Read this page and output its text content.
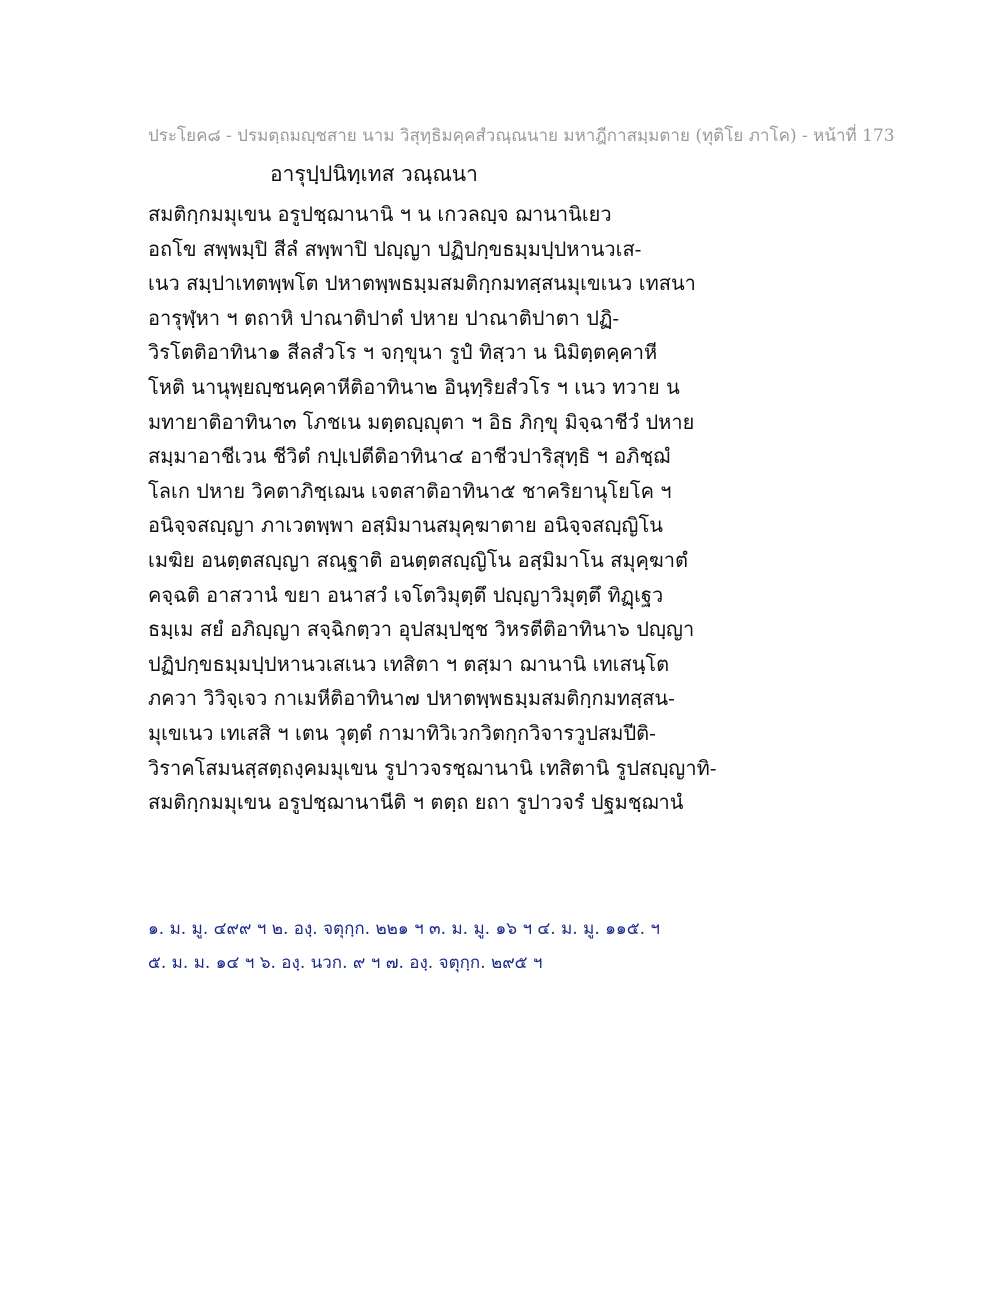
ประโยค๘ - ปรมตฺถมญฺชสาย นาม วิสุทฺธิมคฺคสํวณฺณนาย มหาฎีกาสมฺมตาย (ทุติโย ภาโค) - หน้าที่ 173
อารุปฺปนิทฺเทส วณฺณนา
สมติกฺกมมุเขน อรูปชฺฌานานิ ฯ น เกวลญฺจ ฌานานิเยว
อถโข สพฺพมฺปิ สีลํ สพฺพาปิ ปญฺญา ปฏิปกฺขธมฺมปฺปหานวเส-
เนว สมฺปาเทตพฺพโต ปหาตพฺพธมฺมสมติกฺกมทสฺสนมุเขเนว เทสนา
อารุฬฺหา ฯ ตถาหิ ปาณาติปาตํ ปหาย ปาณาติปาตา ปฏิ-
วิรโตติอาทินา๑ สีลสํวโร ฯ จกฺขุนา รูปํ ทิสฺวา น นิมิตฺตคฺคาหี
โหติ นานุพฺยญฺชนคฺคาหีติอาทินา๒ อินฺทฺริยสํวโร ฯ เนว ทวาย น
มทายาติอาทินา๓ โภชเน มตฺตญฺญุตา ฯ อิธ ภิกฺขุ มิจฺฉาชีวํ ปหาย
สมฺมาอาชีเวน ชีวิตํ กปฺเปตีติอาทินา๔ อาชีวปาริสุทฺธิ ฯ อภิชฺฌํ
โลเก ปหาย วิคตาภิชฺเฌน เจตสาติอาทินา๕ ชาคริยานุโยโค ฯ
อนิจฺจสญฺญา ภาเวตพฺพา อสฺมิมานสมุคฺฆาตาย อนิจฺจสญฺญิโน
เมฆิย อนตฺตสญฺญา สณฺฐาติ อนตฺตสญฺญิโน อสฺมิมาโน สมุคฺฆาตํ
คจฺฉติ อาสวานํ ขยา อนาสวํ เจโตวิมุตฺตึ ปญฺญาวิมุตฺตึ ทิฏฺเฐว
ธมฺเม สยํ อภิญฺญา สจฺฉิกตฺวา อุปสมฺปชฺช วิหรตีติอาทินา๖ ปญฺญา
ปฏิปกฺขธมฺมปฺปหานวเสเนว เทสิตา ฯ ตสฺมา ฌานานิ เทเสนฺโต
ภควา วิวิจฺเจว กาเมหีติอาทินา๗ ปหาตพฺพธมฺมสมติกฺกมทสฺสน-
มุเขเนว เทเสสิ ฯ เตน วุตฺตํ กามาทิวิเวกวิตกฺกวิจารวูปสมปีติ-
วิราคโสมนสฺสตฺถงฺคมมุเขน รูปาวจรชฺฌานานิ เทสิตานิ รูปสญฺญาทิ-
สมติกฺกมมุเขน อรูปชฺฌานานีติ ฯ ตตฺถ ยถา รูปาวจรํ ปฐมชฺฌานํ
๑. ม. มู. ๔๙๙ ฯ ๒. องฺ. จตุกฺก. ๒๒๑ ฯ ๓. ม. มู. ๑๖ ฯ ๔. ม. มู. ๑๑๕. ฯ
๕. ม. ม. ๑๔ ฯ ๖. องฺ. นวก. ๙ ฯ ๗. องฺ. จตุกฺก. ๒๙๕ ฯ
